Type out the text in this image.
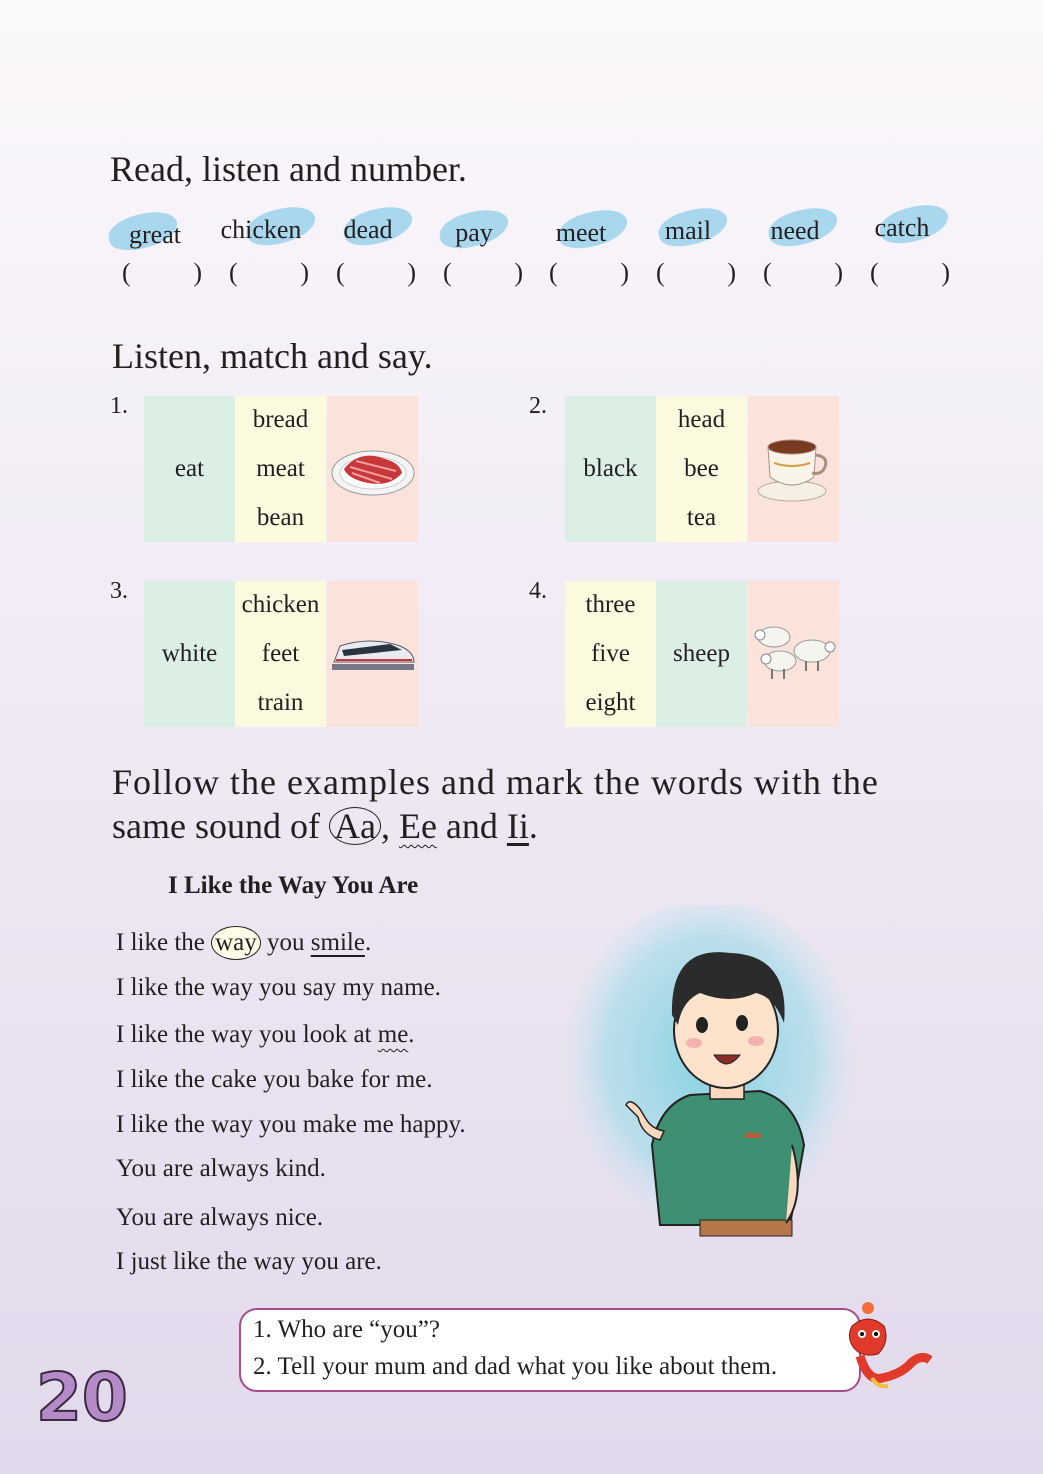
Read, listen and number.
great	chicken	dead	pay	meet	mail	need	catch
( ) ( ) ( ) ( ) ( ) ( ) ( ) ( )
Listen, match and say.
1.
eat
bread
meat
bean
2.
black
head
bee
tea
3.
white
chicken
feet
train
4.
three
five
eight
sheep
Follow the examples and mark the words with the
same sound of Aa , Ee and Ii.
I Like the Way You Are
I like the way you smile.
I like the way you say my name.
I like the way you look at me.
I like the cake you bake for me.
I like the way you make me happy.
You are always kind.
You are always nice.
I just like the way you are.
1. Who are “you”?
2. Tell your mum and dad what you like about them.
20
